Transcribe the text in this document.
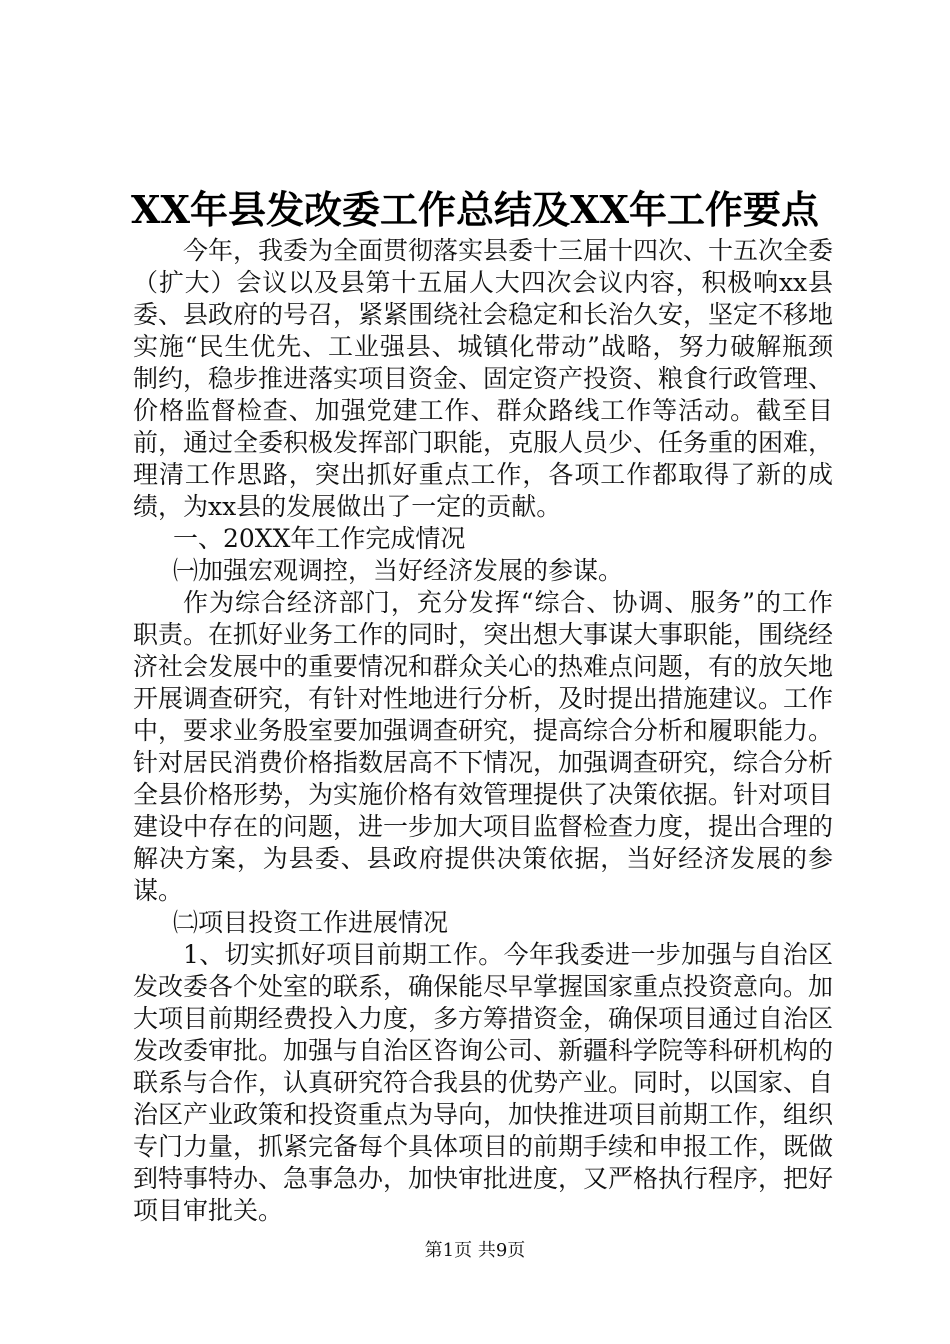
XX年县发改委工作总结及XX年工作要点

今年，我委为全面贯彻落实县委十三届十四次、十五次全委（扩大）会议以及县第十五届人大四次会议内容，积极响xx县委、县政府的号召，紧紧围绕社会稳定和长治久安，坚定不移地实施“民生优先、工业强县、城镇化带动”战略，努力破解瓶颈制约，稳步推进落实项目资金、固定资产投资、粮食行政管理、价格监督检查、加强党建工作、群众路线工作等活动。截至目前，通过全委积极发挥部门职能，克服人员少、任务重的困难，理清工作思路，突出抓好重点工作，各项工作都取得了新的成绩，为xx县的发展做出了一定的贡献。

一、20XX年工作完成情况

㈠加强宏观调控，当好经济发展的参谋。

作为综合经济部门，充分发挥“综合、协调、服务”的工作职责。在抓好业务工作的同时，突出想大事谋大事职能，围绕经济社会发展中的重要情况和群众关心的热难点问题，有的放矢地开展调查研究，有针对性地进行分析，及时提出措施建议。工作中，要求业务股室要加强调查研究，提高综合分析和履职能力。针对居民消费价格指数居高不下情况，加强调查研究，综合分析全县价格形势，为实施价格有效管理提供了决策依据。针对项目建设中存在的问题，进一步加大项目监督检查力度，提出合理的解决方案，为县委、县政府提供决策依据，当好经济发展的参谋。

㈡项目投资工作进展情况

1、切实抓好项目前期工作。今年我委进一步加强与自治区发改委各个处室的联系，确保能尽早掌握国家重点投资意向。加大项目前期经费投入力度，多方筹措资金，确保项目通过自治区发改委审批。加强与自治区咨询公司、新疆科学院等科研机构的联系与合作，认真研究符合我县的优势产业。同时，以国家、自治区产业政策和投资重点为导向，加快推进项目前期工作，组织专门力量，抓紧完备每个具体项目的前期手续和申报工作，既做到特事特办、急事急办，加快审批进度，又严格执行程序，把好项目审批关。

第1页 共9页
